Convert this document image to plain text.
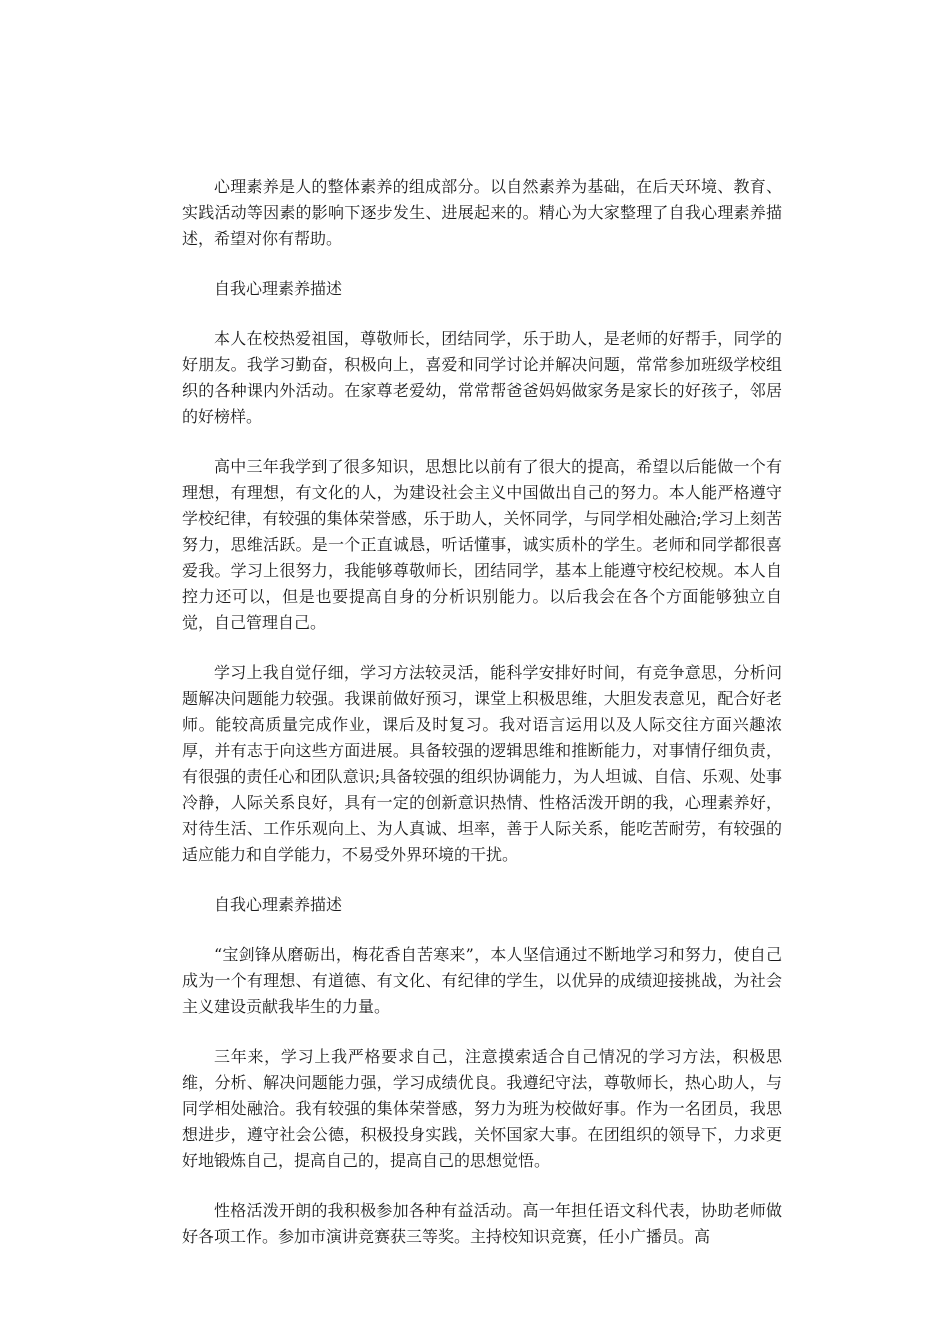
心理素养是人的整体素养的组成部分。以自然素养为基础，在后天环境、教育、实践活动等因素的影响下逐步发生、进展起来的。精心为大家整理了自我心理素养描述，希望对你有帮助。

自我心理素养描述

本人在校热爱祖国，尊敬师长，团结同学，乐于助人，是老师的好帮手，同学的好朋友。我学习勤奋，积极向上，喜爱和同学讨论并解决问题，常常参加班级学校组织的各种课内外活动。在家尊老爱幼，常常帮爸爸妈妈做家务是家长的好孩子，邻居的好榜样。

高中三年我学到了很多知识，思想比以前有了很大的提高，希望以后能做一个有理想，有理想，有文化的人，为建设社会主义中国做出自己的努力。本人能严格遵守学校纪律，有较强的集体荣誉感，乐于助人，关怀同学，与同学相处融洽;学习上刻苦努力，思维活跃。是一个正直诚恳，听话懂事，诚实质朴的学生。老师和同学都很喜爱我。学习上很努力，我能够尊敬师长，团结同学，基本上能遵守校纪校规。本人自控力还可以，但是也要提高自身的分析识别能力。以后我会在各个方面能够独立自觉，自己管理自己。

学习上我自觉仔细，学习方法较灵活，能科学安排好时间，有竞争意思，分析问题解决问题能力较强。我课前做好预习，课堂上积极思维，大胆发表意见，配合好老师。能较高质量完成作业，课后及时复习。我对语言运用以及人际交往方面兴趣浓厚，并有志于向这些方面进展。具备较强的逻辑思维和推断能力，对事情仔细负责，有很强的责任心和团队意识;具备较强的组织协调能力，为人坦诚、自信、乐观、处事冷静，人际关系良好，具有一定的创新意识热情、性格活泼开朗的我，心理素养好，对待生活、工作乐观向上、为人真诚、坦率，善于人际关系，能吃苦耐劳，有较强的适应能力和自学能力，不易受外界环境的干扰。

自我心理素养描述

“宝剑锋从磨砺出，梅花香自苦寒来”，本人坚信通过不断地学习和努力，使自己成为一个有理想、有道德、有文化、有纪律的学生，以优异的成绩迎接挑战，为社会主义建设贡献我毕生的力量。

三年来，学习上我严格要求自己，注意摸索适合自己情况的学习方法，积极思维，分析、解决问题能力强，学习成绩优良。我遵纪守法，尊敬师长，热心助人，与同学相处融洽。我有较强的集体荣誉感，努力为班为校做好事。作为一名团员，我思想进步，遵守社会公德，积极投身实践，关怀国家大事。在团组织的领导下，力求更好地锻炼自己，提高自己的，提高自己的思想觉悟。

性格活泼开朗的我积极参加各种有益活动。高一年担任语文科代表，协助老师做好各项工作。参加市演讲竞赛获三等奖。主持校知识竞赛，任小广播员。高
